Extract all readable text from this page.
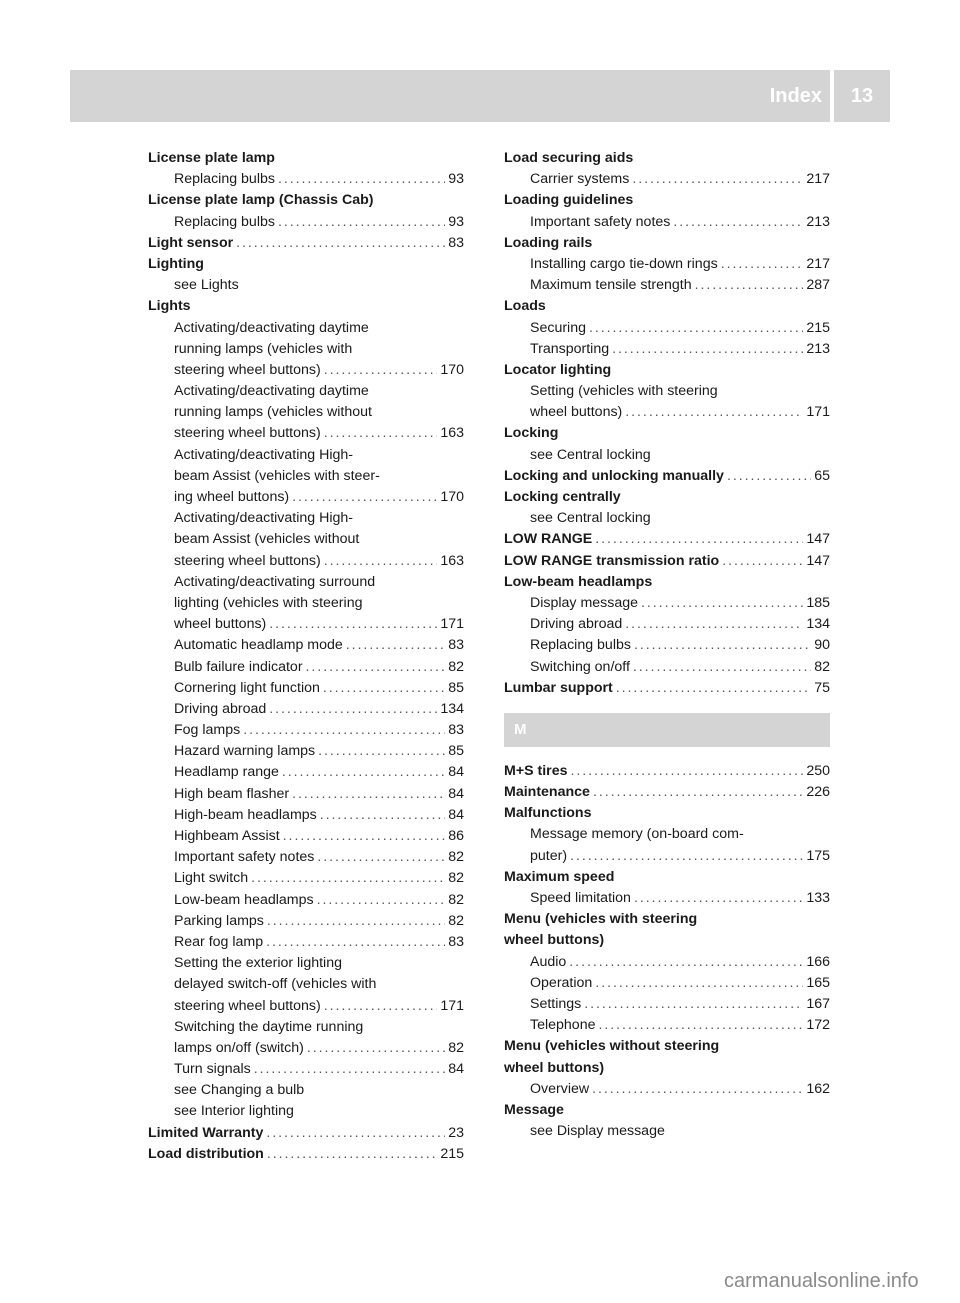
Index	13
License plate lamp
Replacing bulbs . . .	93
License plate lamp (Chassis Cab)
Replacing bulbs . . .	93
Light sensor . . .	83
Lighting
see Lights
Lights
Activating/deactivating daytime
running lamps (vehicles with
steering wheel buttons) . . .	170
Activating/deactivating daytime
running lamps (vehicles without
steering wheel buttons) . . .	163
Activating/deactivating High-
beam Assist (vehicles with steer-
ing wheel buttons) . . .	170
Activating/deactivating High-
beam Assist (vehicles without
steering wheel buttons) . . .	163
Activating/deactivating surround
lighting (vehicles with steering
wheel buttons) . . .	171
Automatic headlamp mode . . .	83
Bulb failure indicator . . .	82
Cornering light function . . .	85
Driving abroad . . .	134
Fog lamps . . .	83
Hazard warning lamps . . .	85
Headlamp range . . .	84
High beam flasher . . .	84
High-beam headlamps . . .	84
Highbeam Assist . . .	86
Important safety notes . . .	82
Light switch . . .	82
Low-beam headlamps . . .	82
Parking lamps . . .	82
Rear fog lamp . . .	83
Setting the exterior lighting
delayed switch-off (vehicles with
steering wheel buttons) . . .	171
Switching the daytime running
lamps on/off (switch) . . .	82
Turn signals . . .	84
see Changing a bulb
see Interior lighting
Limited Warranty . . .	23
Load distribution . . .	215
Load securing aids
Carrier systems . . .	217
Loading guidelines
Important safety notes . . .	213
Loading rails
Installing cargo tie-down rings . . .	217
Maximum tensile strength . . .	287
Loads
Securing . . .	215
Transporting . . .	213
Locator lighting
Setting (vehicles with steering
wheel buttons) . . .	171
Locking
see Central locking
Locking and unlocking manually . . .	65
Locking centrally
see Central locking
LOW RANGE . . .	147
LOW RANGE transmission ratio . . .	147
Low-beam headlamps
Display message . . .	185
Driving abroad . . .	134
Replacing bulbs . . .	90
Switching on/off . . .	82
Lumbar support . . .	75
M
M+S tires . . .	250
Maintenance . . .	226
Malfunctions
Message memory (on-board com-
puter) . . .	175
Maximum speed
Speed limitation . . .	133
Menu (vehicles with steering
wheel buttons)
Audio . . .	166
Operation . . .	165
Settings . . .	167
Telephone . . .	172
Menu (vehicles without steering
wheel buttons)
Overview . . .	162
Message
see Display message
carmanualsonline.info
